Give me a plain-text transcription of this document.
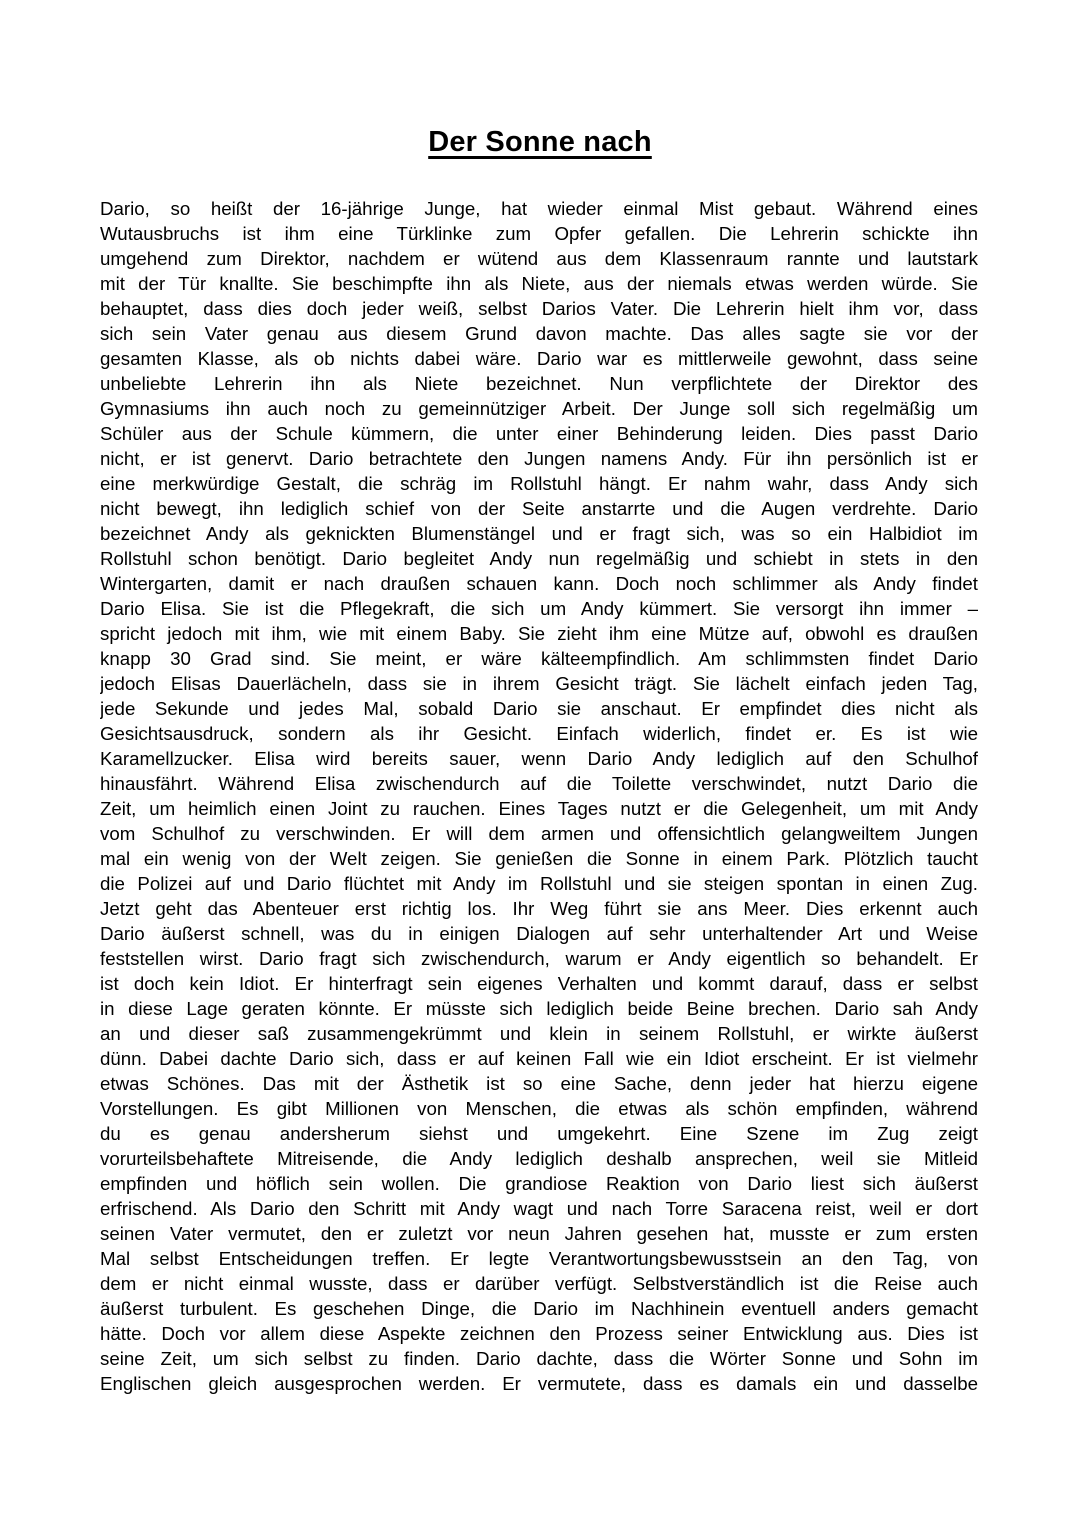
Der Sonne nach
Dario, so heißt der 16-jährige Junge, hat wieder einmal Mist gebaut. Während eines
Wutausbruchs ist ihm eine Türklinke zum Opfer gefallen. Die Lehrerin schickte ihn
umgehend zum Direktor, nachdem er wütend aus dem Klassenraum rannte und lautstark
mit der Tür knallte. Sie beschimpfte ihn als Niete, aus der niemals etwas werden würde. Sie
behauptet, dass dies doch jeder weiß, selbst Darios Vater. Die Lehrerin hielt ihm vor, dass
sich sein Vater genau aus diesem Grund davon machte. Das alles sagte sie vor der
gesamten Klasse, als ob nichts dabei wäre. Dario war es mittlerweile gewohnt, dass seine
unbeliebte Lehrerin ihn als Niete bezeichnet. Nun verpflichtete der Direktor des
Gymnasiums ihn auch noch zu gemeinnütziger Arbeit. Der Junge soll sich regelmäßig um
Schüler aus der Schule kümmern, die unter einer Behinderung leiden. Dies passt Dario
nicht, er ist genervt. Dario betrachtete den Jungen namens Andy. Für ihn persönlich ist er
eine merkwürdige Gestalt, die schräg im Rollstuhl hängt. Er nahm wahr, dass Andy sich
nicht bewegt, ihn lediglich schief von der Seite anstarrte und die Augen verdrehte. Dario
bezeichnet Andy als geknickten Blumenstängel und er fragt sich, was so ein Halbidiot im
Rollstuhl schon benötigt. Dario begleitet Andy nun regelmäßig und schiebt in stets in den
Wintergarten, damit er nach draußen schauen kann. Doch noch schlimmer als Andy findet
Dario Elisa. Sie ist die Pflegekraft, die sich um Andy kümmert. Sie versorgt ihn immer –
spricht jedoch mit ihm, wie mit einem Baby. Sie zieht ihm eine Mütze auf, obwohl es draußen
knapp 30 Grad sind. Sie meint, er wäre kälteempfindlich. Am schlimmsten findet Dario
jedoch Elisas Dauerlächeln, dass sie in ihrem Gesicht trägt. Sie lächelt einfach jeden Tag,
jede Sekunde und jedes Mal, sobald Dario sie anschaut. Er empfindet dies nicht als
Gesichtsausdruck, sondern als ihr Gesicht. Einfach widerlich, findet er. Es ist wie
Karamellzucker. Elisa wird bereits sauer, wenn Dario Andy lediglich auf den Schulhof
hinausfährt. Während Elisa zwischendurch auf die Toilette verschwindet, nutzt Dario die
Zeit, um heimlich einen Joint zu rauchen. Eines Tages nutzt er die Gelegenheit, um mit Andy
vom Schulhof zu verschwinden. Er will dem armen und offensichtlich gelangweiltem Jungen
mal ein wenig von der Welt zeigen. Sie genießen die Sonne in einem Park. Plötzlich taucht
die Polizei auf und Dario flüchtet mit Andy im Rollstuhl und sie steigen spontan in einen Zug.
Jetzt geht das Abenteuer erst richtig los. Ihr Weg führt sie ans Meer. Dies erkennt auch
Dario äußerst schnell, was du in einigen Dialogen auf sehr unterhaltender Art und Weise
feststellen wirst. Dario fragt sich zwischendurch, warum er Andy eigentlich so behandelt. Er
ist doch kein Idiot. Er hinterfragt sein eigenes Verhalten und kommt darauf, dass er selbst
in diese Lage geraten könnte. Er müsste sich lediglich beide Beine brechen. Dario sah Andy
an und dieser saß zusammengekrümmt und klein in seinem Rollstuhl, er wirkte äußerst
dünn. Dabei dachte Dario sich, dass er auf keinen Fall wie ein Idiot erscheint. Er ist vielmehr
etwas Schönes. Das mit der Ästhetik ist so eine Sache, denn jeder hat hierzu eigene
Vorstellungen. Es gibt Millionen von Menschen, die etwas als schön empfinden, während
du es genau andersherum siehst und umgekehrt. Eine Szene im Zug zeigt
vorurteilsbehaftete Mitreisende, die Andy lediglich deshalb ansprechen, weil sie Mitleid
empfinden und höflich sein wollen. Die grandiose Reaktion von Dario liest sich äußerst
erfrischend. Als Dario den Schritt mit Andy wagt und nach Torre Saracena reist, weil er dort
seinen Vater vermutet, den er zuletzt vor neun Jahren gesehen hat, musste er zum ersten
Mal selbst Entscheidungen treffen. Er legte Verantwortungsbewusstsein an den Tag, von
dem er nicht einmal wusste, dass er darüber verfügt. Selbstverständlich ist die Reise auch
äußerst turbulent. Es geschehen Dinge, die Dario im Nachhinein eventuell anders gemacht
hätte. Doch vor allem diese Aspekte zeichnen den Prozess seiner Entwicklung aus. Dies ist
seine Zeit, um sich selbst zu finden. Dario dachte, dass die Wörter Sonne und Sohn im
Englischen gleich ausgesprochen werden. Er vermutete, dass es damals ein und dasselbe
